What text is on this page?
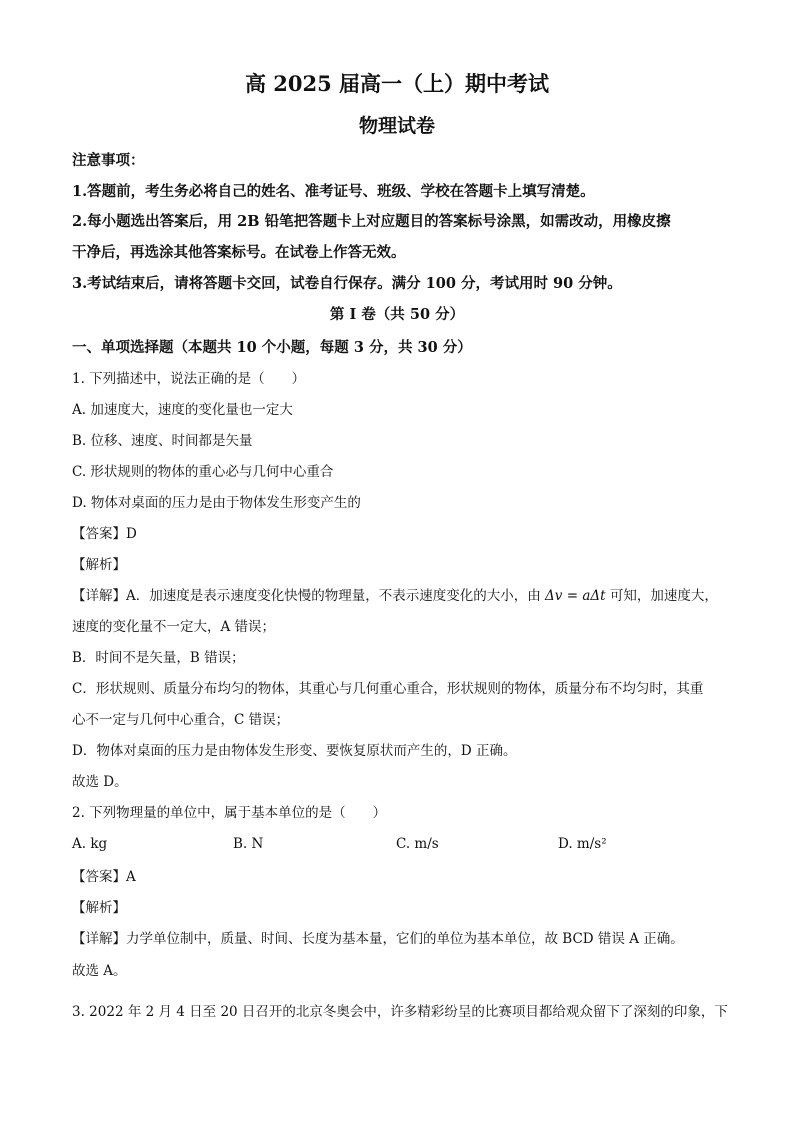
高 2025 届高一（上）期中考试
物理试卷
注意事项：
1.答题前，考生务必将自己的姓名、准考证号、班级、学校在答题卡上填写清楚。
2.每小题选出答案后，用 2B 铅笔把答题卡上对应题目的答案标号涂黑，如需改动，用橡皮擦
干净后，再选涂其他答案标号。在试卷上作答无效。
3.考试结束后，请将答题卡交回，试卷自行保存。满分 100 分，考试用时 90 分钟。
第 I 卷（共 50 分）
一、单项选择题（本题共 10 个小题，每题 3 分，共 30 分）
1. 下列描述中，说法正确的是（　　）
A. 加速度大，速度的变化量也一定大
B. 位移、速度、时间都是矢量
C. 形状规则的物体的重心必与几何中心重合
D. 物体对桌面的压力是由于物体发生形变产生的
【答案】D
【解析】
【详解】A．加速度是表示速度变化快慢的物理量，不表示速度变化的大小，由 Δv = aΔt 可知，加速度大，
速度的变化量不一定大，A 错误；
B．时间不是矢量，B 错误；
C．形状规则、质量分布均匀的物体，其重心与几何重心重合，形状规则的物体，质量分布不均匀时，其重
心不一定与几何中心重合，C 错误；
D．物体对桌面的压力是由物体发生形变、要恢复原状而产生的，D 正确。
故选 D。
2. 下列物理量的单位中，属于基本单位的是（　　）
A. kg	B. N	C. m/s	D. m/s²
【答案】A
【解析】
【详解】力学单位制中，质量、时间、长度为基本量，它们的单位为基本单位，故 BCD 错误 A 正确。
故选 A。
3. 2022 年 2 月 4 日至 20 日召开的北京冬奥会中，许多精彩纷呈的比赛项目都给观众留下了深刻的印象，下
